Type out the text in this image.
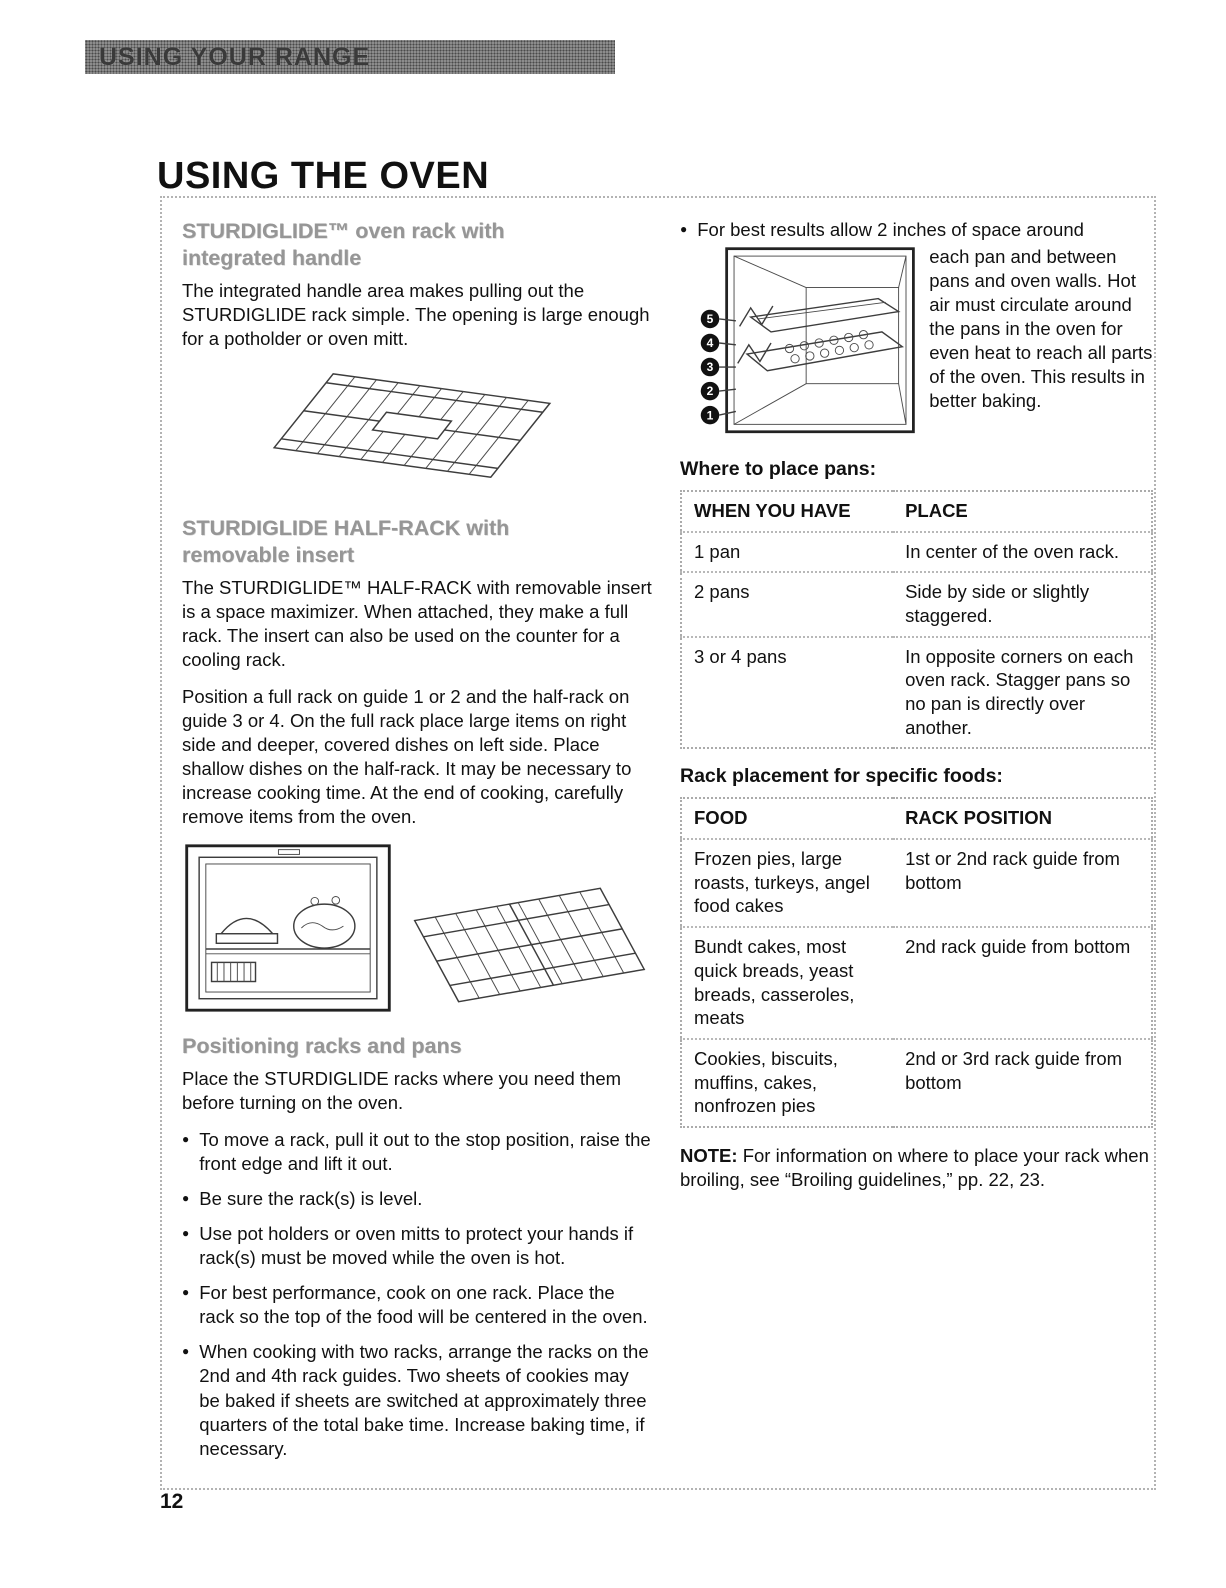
USING YOUR RANGE
USING THE OVEN
STURDIGLIDE™ oven rack with integrated handle

The integrated handle area makes pulling out the STURDIGLIDE rack simple. The opening is large enough for a potholder or oven mitt.

STURDIGLIDE HALF-RACK with removable insert

The STURDIGLIDE™ HALF-RACK with removable insert is a space maximizer. When attached, they make a full rack. The insert can also be used on the counter for a cooling rack.

Position a full rack on guide 1 or 2 and the half-rack on guide 3 or 4. On the full rack place large items on right side and deeper, covered dishes on left side. Place shallow dishes on the half-rack. It may be necessary to increase cooking time. At the end of cooking, carefully remove items from the oven.

Positioning racks and pans

Place the STURDIGLIDE racks where you need them before turning on the oven.

● To move a rack, pull it out to the stop position, raise the front edge and lift it out.
● Be sure the rack(s) is level.
● Use pot holders or oven mitts to protect your hands if rack(s) must be moved while the oven is hot.
● For best performance, cook on one rack. Place the rack so the top of the food will be centered in the oven.
● When cooking with two racks, arrange the racks on the 2nd and 4th rack guides. Two sheets of cookies may be baked if sheets are switched at approximately three quarters of the total bake time. Increase baking time, if necessary.
● For best results allow 2 inches of space around
5
4
3
2
1
each pan and between pans and oven walls. Hot air must circulate around the pans in the oven for even heat to reach all parts of the oven. This results in better baking.
Where to place pans:
WHEN YOU HAVE	PLACE
1 pan	In center of the oven rack.
2 pans	Side by side or slightly staggered.
3 or 4 pans	In opposite corners on each oven rack. Stagger pans so no pan is directly over another.
Rack placement for specific foods:
FOOD	RACK POSITION
Frozen pies, large roasts, turkeys, angel food cakes	1st or 2nd rack guide from bottom
Bundt cakes, most quick breads, yeast breads, casseroles, meats	2nd rack guide from bottom
Cookies, biscuits, muffins, cakes, nonfrozen pies	2nd or 3rd rack guide from bottom

NOTE: For information on where to place your rack when broiling, see “Broiling guidelines,” pp. 22, 23.

12
